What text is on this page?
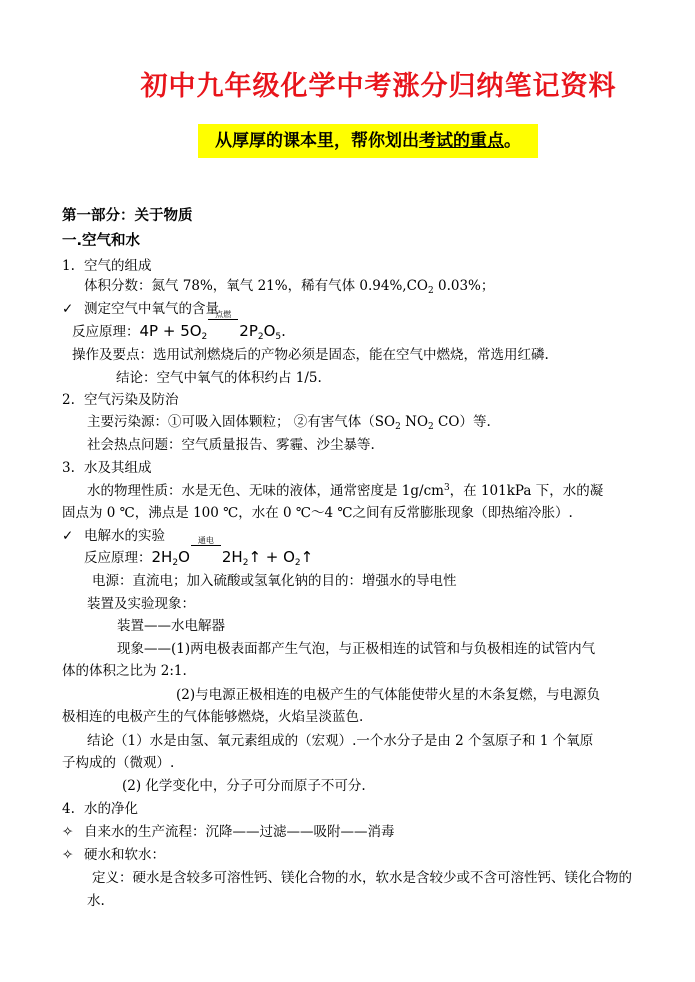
初中九年级化学中考涨分归纳笔记资料
从厚厚的课本里，帮你划出考试的重点。
第一部分：关于物质
一.空气和水
1. 空气的组成
体积分数：氮气 78%，氧气 21%，稀有气体 $0.94\%,CO_2$ 0.03%；
✓ 测定空气中氧气的含量
反应原理：$4P + 5O_2$
点燃
$2P_2O_5$.
操作及要点：选用试剂燃烧后的产物必须是固态，能在空气中燃烧，常选用红磷.
结论：空气中氧气的体积约占 1/5.
2. 空气污染及防治
主要污染源：①可吸入固体颗粒； ②有害气体（$SO_2$ $NO_2$ CO）等.
社会热点问题：空气质量报告、雾霾、沙尘暴等.
3. 水及其组成
水的物理性质：水是无色、无味的液体，通常密度是 $1g/cm^3$，在 101kPa 下，水的凝
固点为 0 ℃，沸点是 100 ℃，水在 0 ℃～4 ℃之间有反常膨胀现象（即热缩冷胀）.
✓ 电解水的实验
反应原理：$2H_2O$
通电
$2H_2↑$ + $O_2↑$
电源：直流电；加入硫酸或氢氧化钠的目的：增强水的导电性
装置及实验现象：
装置——水电解器
现象——(1)两电极表面都产生气泡，与正极相连的试管和与负极相连的试管内气
体的体积之比为 2:1.
(2)与电源正极相连的电极产生的气体能使带火星的木条复燃，与电源负
极相连的电极产生的气体能够燃烧，火焰呈淡蓝色.
结论（1）水是由氢、氧元素组成的（宏观）.一个水分子是由 2 个氢原子和 1 个氧原
子构成的（微观）.
(2) 化学变化中，分子可分而原子不可分.
4. 水的净化
✧ 自来水的生产流程：沉降——过滤——吸附——消毒
✧ 硬水和软水：
定义：硬水是含较多可溶性钙、镁化合物的水，软水是含较少或不含可溶性钙、镁化合物的
水.
